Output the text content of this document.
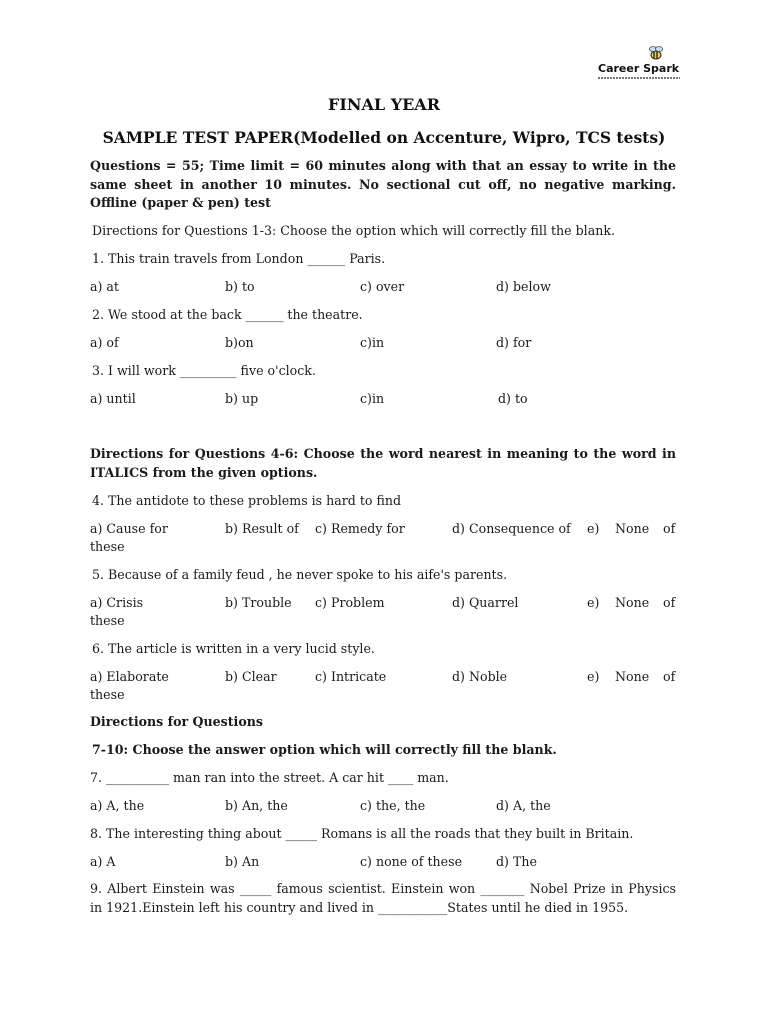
Career Spark
FINAL YEAR
SAMPLE TEST PAPER(Modelled on Accenture, Wipro, TCS tests)
Questions = 55; Time limit = 60 minutes along with that an essay to write in the same sheet in another 10 minutes. No sectional cut off, no negative marking. Offline (paper & pen) test
Directions for Questions 1-3: Choose the option which will correctly fill the blank.
1. This train travels from London ______ Paris.
a) at	b) to	c) over	d) below
2. We stood at the back ______ the theatre.
a) of	b)on	c)in	d) for
3. I will work _________ five o'clock.
a) until	b) up	c)in	d) to
Directions for Questions 4-6: Choose the word nearest in meaning to the word in ITALICS from the given options.
4. The antidote to these problems is hard to find
a) Cause for	b) Result of c) Remedy for	d) Consequence of e) None of
these
5. Because of a family feud , he never spoke to his aife's parents.
a) Crisis	b) Trouble c) Problem	d) Quarrel	e) None of
these
6. The article is written in a very lucid style.
a) Elaborate	b) Clear	c) Intricate	d) Noble	e) None of
these
Directions for Questions
7-10: Choose the answer option which will correctly fill the blank.
7. __________ man ran into the street. A car hit ____ man.
a) A, the	b) An, the	c) the, the	d) A, the
8. The interesting thing about _____ Romans is all the roads that they built in Britain.
a) A	b) An	c) none of these	d) The
9. Albert Einstein was _____ famous scientist. Einstein won _______ Nobel Prize in Physics in 1921.Einstein left his country and lived in ___________States until he died in 1955.
